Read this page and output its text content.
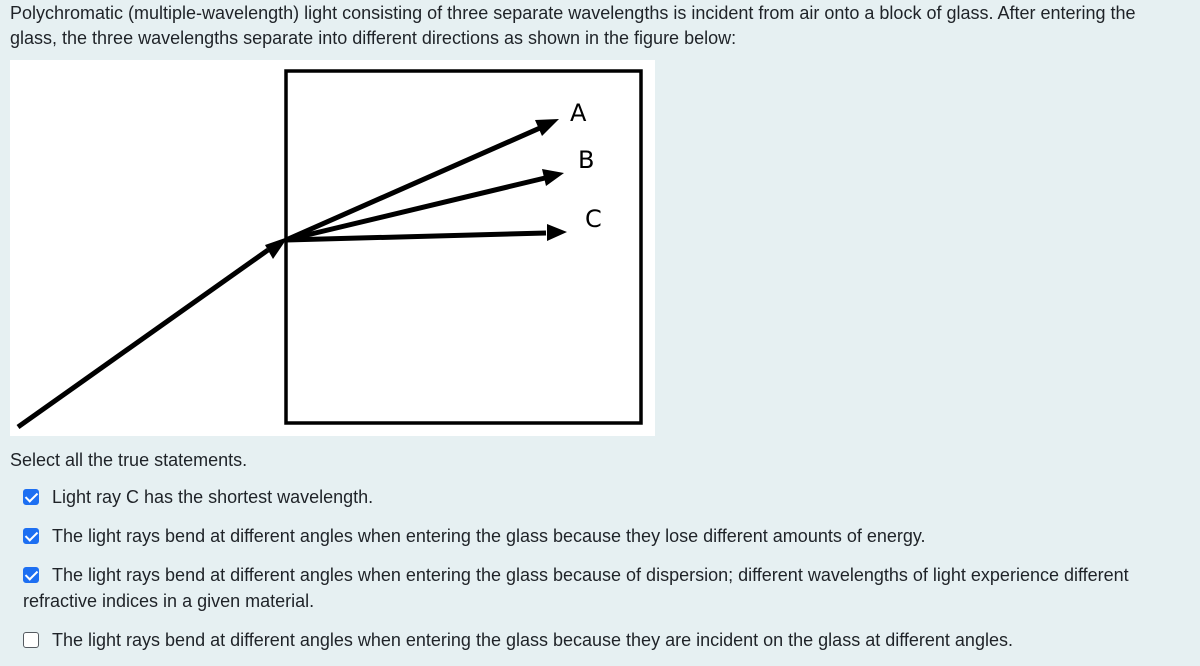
Polychromatic (multiple-wavelength) light consisting of three separate wavelengths is incident from air onto a block of glass. After entering the glass, the three wavelengths separate into different directions as shown in the figure below:

A
B
C

Select all the true statements.

Light ray C has the shortest wavelength.
The light rays bend at different angles when entering the glass because they lose different amounts of energy.
The light rays bend at different angles when entering the glass because of dispersion; different wavelengths of light experience different refractive indices in a given material.
The light rays bend at different angles when entering the glass because they are incident on the glass at different angles.
